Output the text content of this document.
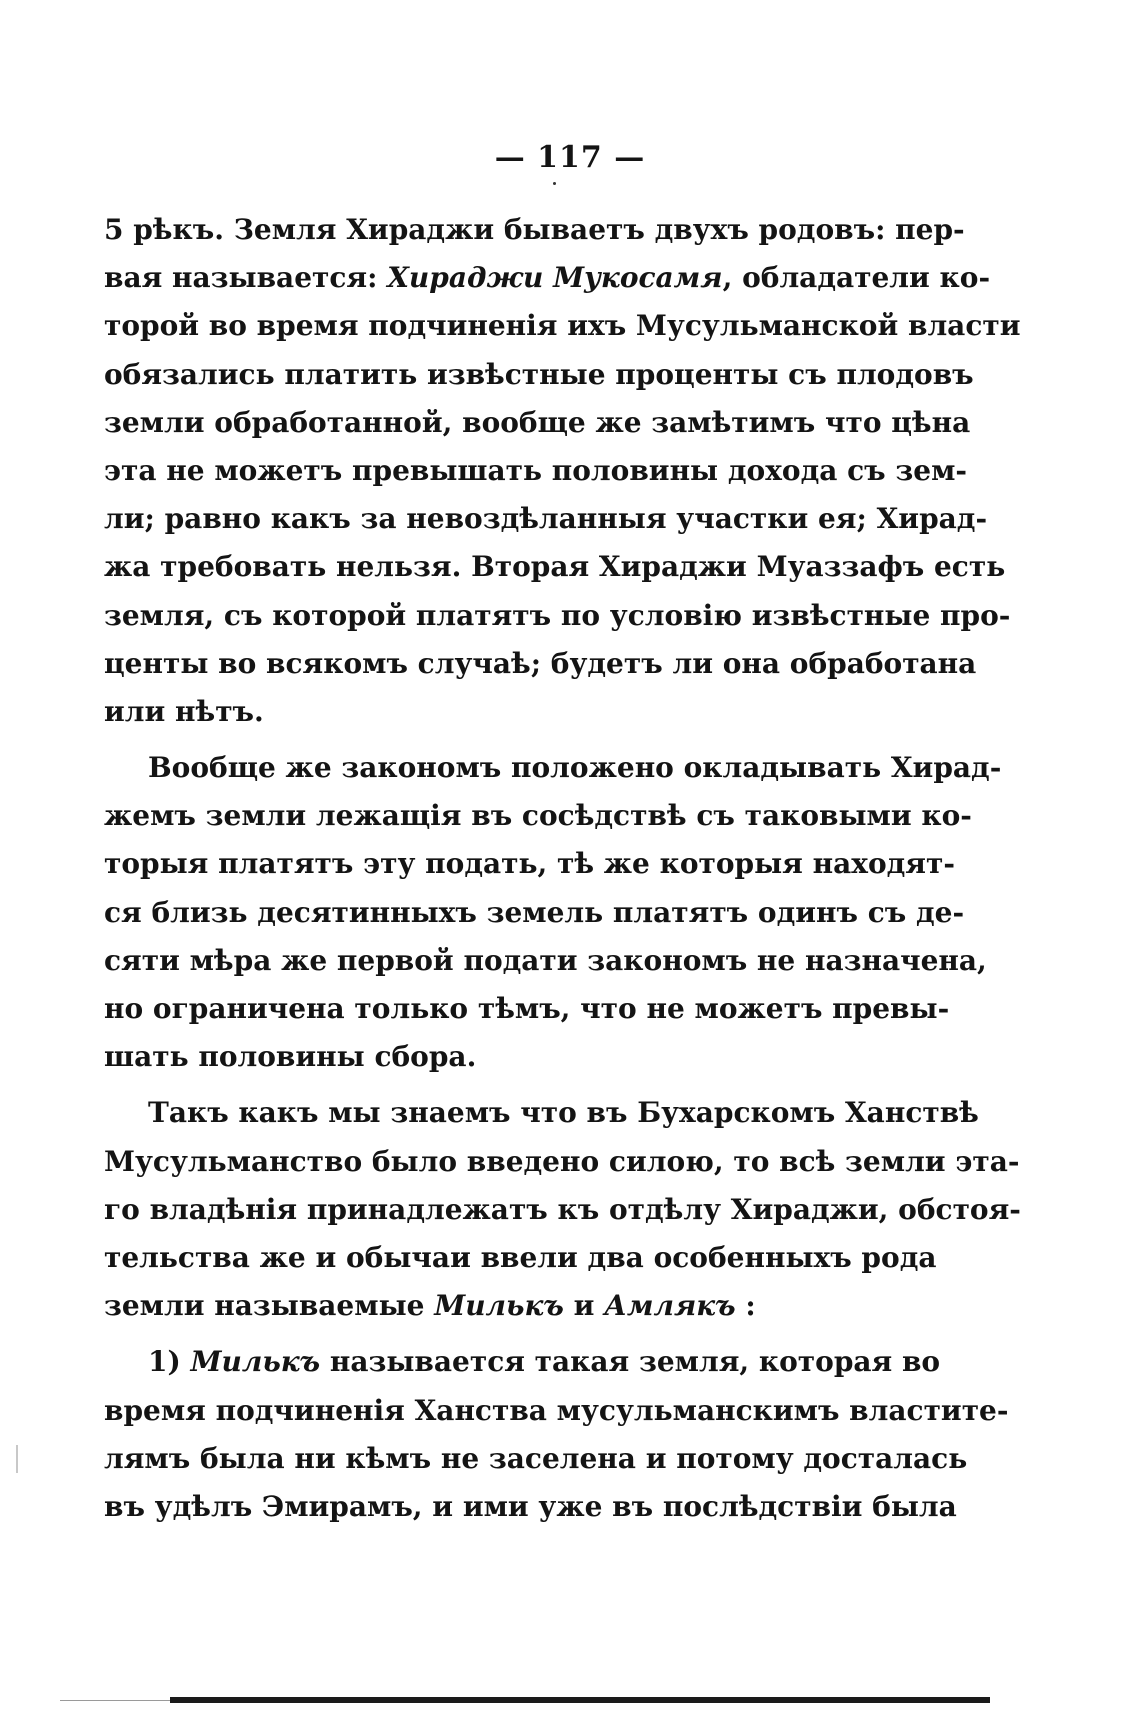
— 117 —
5 рѣкъ. Земля Хираджи бываетъ двухъ родовъ: пер-
вая называется: Хираджи Мукосамя, обладатели ко-
торой во время подчиненія ихъ Мусульманской власти
обязались платить извѣстные проценты съ плодовъ
земли обработанной, вообще же замѣтимъ что цѣна
эта не можетъ превышать половины дохода съ зем-
ли; равно какъ за невоздѣланныя участки ея; Хирад-
жа требовать нельзя. Вторая Хираджи Муаззафъ есть
земля, съ которой платятъ по условію извѣстные про-
центы во всякомъ случаѣ; будетъ ли она обработана
или нѣтъ.
Вообще же закономъ положено окладывать Хирад-
жемъ земли лежащія въ сосѣдствѣ съ таковыми ко-
торыя платятъ эту подать, тѣ же которыя находят-
ся близь десятинныхъ земель платятъ одинъ съ де-
сяти мѣра же первой подати закономъ не назначена,
но ограничена только тѣмъ, что не можетъ превы-
шать половины сбора.
Такъ какъ мы знаемъ что въ Бухарскомъ Ханствѣ
Мусульманство было введено силою, то всѣ земли эта-
го владѣнія принадлежатъ къ отдѣлу Хираджи, обстоя-
тельства же и обычаи ввели два особенныхъ рода
земли называемые Милькъ и Амлякъ :
1) Милькъ называется такая земля, которая во
время подчиненія Ханства мусульманскимъ властите-
лямъ была ни кѣмъ не заселена и потому досталась
въ удѣлъ Эмирамъ, и ими уже въ послѣдствіи была
